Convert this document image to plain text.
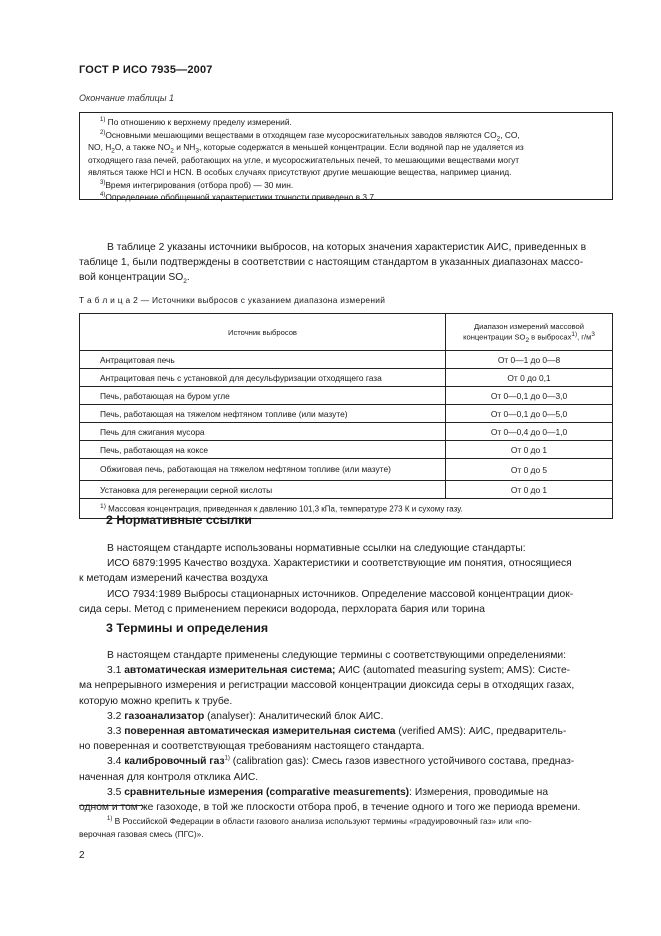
ГОСТ Р ИСО 7935—2007
Окончание таблицы 1
$^{1)}$ По отношению к верхнему пределу измерений.
$^{2)}$Основными мешающими веществами в отходящем газе мусоросжигательных заводов являются $CO_2$, CO,
NO, $H_2O$, а также $NO_2$ и $NH_3$, которые содержатся в меньшей концентрации. Если водяной пар не удаляется из
отходящего газа печей, работающих на угле, и мусоросжигательных печей, то мешающими веществами могут
являться также HCl и HCN. В особых случаях присутствуют другие мешающие вещества, например цианид.
$^{3)}$Время интегрирования (отбора проб) — 30 мин.
$^{4)}$Определение обобщенной характеристики точности приведено в 3.7.
В таблице 2 указаны источники выбросов, на которых значения характеристик АИС, приведенных в
таблице 1, были подтверждены в соответствии с настоящим стандартом в указанных диапазонах массо-
вой концентрации $SO_2$.
Т а б л и ц а 2 — Источники выбросов с указанием диапазона измерений
Источник выбросов	Диапазон измерений массовой
концентрации $SO_2$ в выбросах$^{1)}$, $г/м^3$

Антрацитовая печь	От 0—1 до 0—8
Антрацитовая печь с установкой для десульфуризации отходящего газа	От 0 до 0,1
Печь, работающая на буром угле	От 0—0,1 до 0—3,0
Печь, работающая на тяжелом нефтяном топливе (или мазуте)	От 0—0,1 до 0—5,0
Печь для сжигания мусора	От 0—0,4 до 0—1,0
Печь, работающая на коксе	От 0 до 1
Обжиговая печь, работающая на тяжелом нефтяном топливе (или мазуте)	От 0 до 5
Установка для регенерации серной кислоты	От 0 до 1
$^{1)}$ Массовая концентрация, приведенная к давлению 101,3 кПа, температуре 273 К и сухому газу.	
2 Нормативные ссылки
В настоящем стандарте использованы нормативные ссылки на следующие стандарты:
ИСО 6879:1995 Качество воздуха. Характеристики и соответствующие им понятия, относящиеся
к методам измерений качества воздуха
ИСО 7934:1989 Выбросы стационарных источников. Определение массовой концентрации диок-
сида серы. Метод с применением перекиси водорода, перхлората бария или торина
3 Термины и определения
В настоящем стандарте применены следующие термины с соответствующими определениями:
3.1 автоматическая измерительная система; АИС (automated measuring system; AMS): Систе-
ма непрерывного измерения и регистрации массовой концентрации диоксида серы в отходящих газах,
которую можно крепить к трубе.
3.2 газоанализатор (analyser): Аналитический блок АИС.
3.3 поверенная автоматическая измерительная система (verified AMS): АИС, предваритель-
но поверенная и соответствующая требованиям настоящего стандарта.
3.4 калибровочный газ$^{1)}$ (calibration gas): Смесь газов известного устойчивого состава, предназ-
наченная для контроля отклика АИС.
3.5 сравнительные измерения (comparative measurements): Измерения, проводимые на
одном и том же газоходе, в той же плоскости отбора проб, в течение одного и того же периода времени.
$^{1)}$ В Российской Федерации в области газового анализа используют термины «градуировочный газ» или «по-
верочная газовая смесь (ПГС)».
2
